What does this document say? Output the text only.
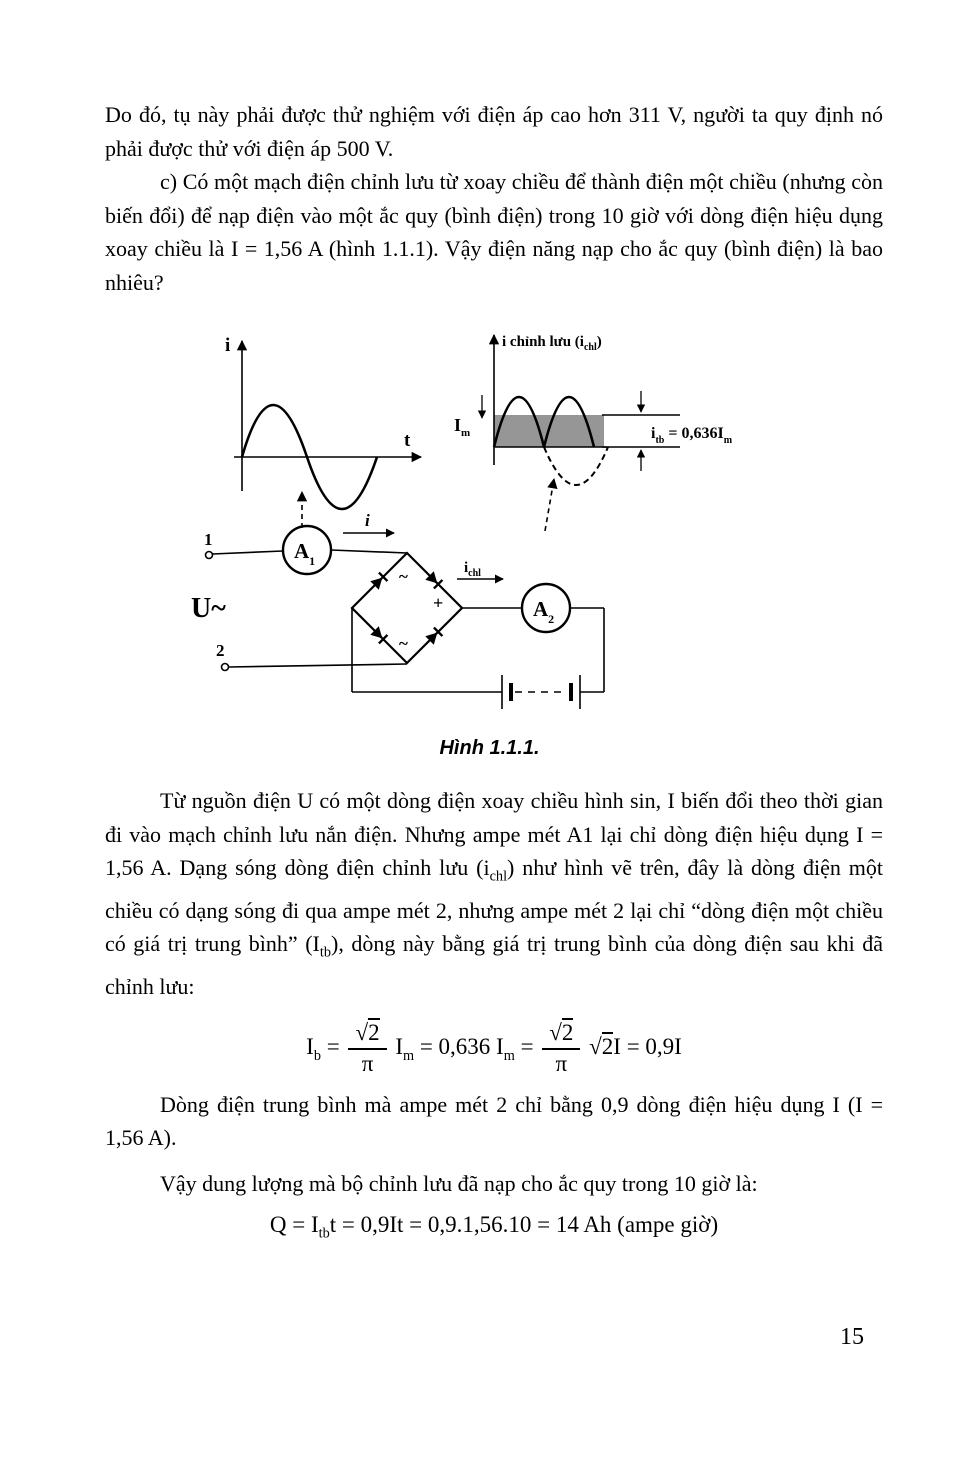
Do đó, tụ này phải được thử nghiệm với điện áp cao hơn 311 V, người ta quy định nó phải được thử với điện áp 500 V.

c) Có một mạch điện chỉnh lưu từ xoay chiều để thành điện một chiều (nhưng còn biến đổi) để nạp điện vào một ắc quy (bình điện) trong 10 giờ với dòng điện hiệu dụng xoay chiều là I = 1,56 A (hình 1.1.1). Vậy điện năng nạp cho ắc quy (bình điện) là bao nhiêu?

i
t
i chỉnh lưu $(i_{chl})$
$I_m$	$i_{tb} = 0,636I_m$
1
2
U~
$A_1$
$A_2$
i
$i_{chl}$
~
~
+
Hình 1.1.1.

Từ nguồn điện U có một dòng điện xoay chiều hình sin, I biến đổi theo thời gian đi vào mạch chỉnh lưu nắn điện. Nhưng ampe mét A1 lại chỉ dòng điện hiệu dụng I = 1,56 A. Dạng sóng dòng điện chỉnh lưu $(i_{chl})$ như hình vẽ trên, đây là dòng điện một chiều có dạng sóng đi qua ampe mét 2, nhưng ampe mét 2 lại chỉ “dòng điện một chiều có giá trị trung bình” $(I_{tb})$, dòng này bằng giá trị trung bình của dòng điện sau khi đã chỉnh lưu:

$I_b = \frac{√2}{\pi} I_m = 0,636$ $I_m = \frac{√2}{\pi} √2I = 0,9I$

Dòng điện trung bình mà ampe mét 2 chỉ bằng 0,9 dòng điện hiệu dụng I (I = 1,56 A).

Vậy dung lượng mà bộ chỉnh lưu đã nạp cho ắc quy trong 10 giờ là:

$Q = I_{tb}t = 0,9It = 0,9.1,56.10 = 14$ Ah (ampe giờ)
15
